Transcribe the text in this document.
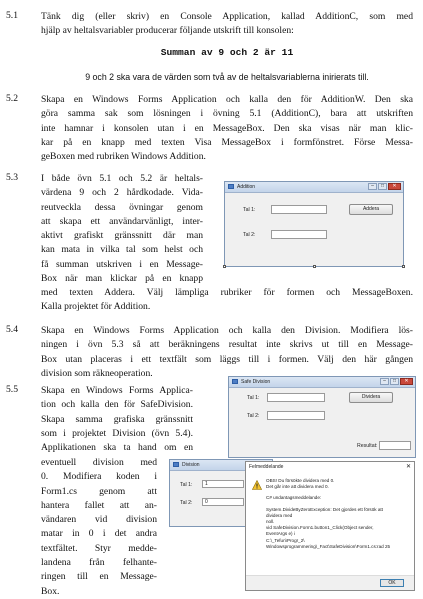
5.1 Tänk dig (eller skriv) en Console Application, kallad AdditionC, som med
hjälp av heltalsvariabler producerar följande utskrift till konsolen:
Summan av 9 och 2 är 11
9 och 2 ska vara de värden som två av de heltalsvariablerna inirierats till.
5.2 Skapa en Windows Forms Application och kalla den för AdditionW. Den ska
göra samma sak som lösningen i övning 5.1 (AdditionC), bara att utskriften
inte hamnar i konsolen utan i en MessageBox. Den ska visas när man klic-
kar på en knapp med texten Visa MessageBox i formfönstret. Förse Messa-
geBoxen med rubriken Windows Addition.
5.3 I både övn 5.1 och 5.2 är heltals-
värdena 9 och 2 hårdkodade. Vida-
reutveckla dessa övningar genom
att skapa ett användarvänligt, inter-
aktivt grafiskt gränssnitt där man
kan mata in vilka tal som helst och
få summan utskriven i en Message-
Box när man klickar på en knapp
med texten Addera. Välj lämpliga rubriker för formen och MessageBoxen.
Kalla projektet för Addition.
Addition	–	□	✕
Tal 1:	Addera
Tal 2:
5.4 Skapa en Windows Forms Application och kalla den Division. Modifiera lös-
ningen i övn 5.3 så att beräkningens resultat inte skrivs ut till en Message-
Box utan placeras i ett textfält som läggs till i formen. Välj den här gången
division som räkneoperation.
5.5 Skapa en Windows Forms Applica-
tion och kalla den för SafeDivision.
Skapa samma grafiska gränssnitt
som i projektet Division (övn 5.4).
Applikationen ska ta hand om en
eventuell division med
0. Modifiera koden i
Form1.cs genom att
hantera fallet att an-
vändaren vid division
matar in 0 i det andra
textfältet. Styr medde-
landena från felhante-
ringen till en Message-
Box.
Safe Division	–	□	✕
Tal 1:	Dividera
Tal 2:
Resultat:
Division
Tal 1:	1
Tal 2:	0
Felmeddelande	✕
OBS! Du försökte dividera med 0.
Det går inte att dividera med 0.
C# undantagsmeddelande:
System.DivideByZeroException: Det gjordes ett försök att dividera med
noll.
vid SafeDivision.Form1.button1_Click(Object sender, EventArgs e) i
C:\_Tefun\Progr_2\
Windowsprogrammering\_Fact\SafeDivision\Form1.cs:rad 25
OK
